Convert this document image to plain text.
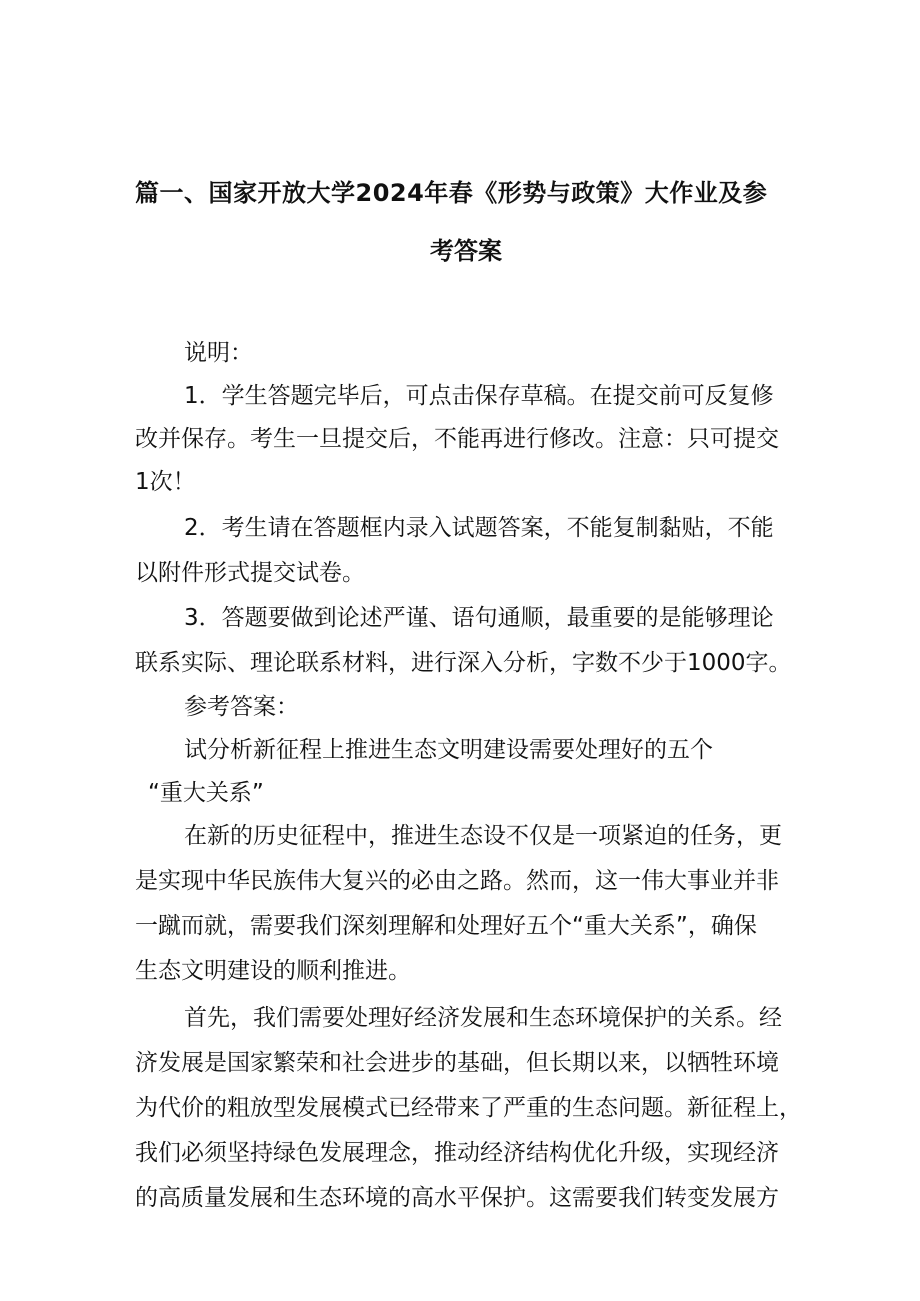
篇一、国家开放大学2024年春《形势与政策》大作业及参
考答案
说明：
1．学生答题完毕后，可点击保存草稿。在提交前可反复修
改并保存。考生一旦提交后，不能再进行修改。注意：只可提交
1次！
2．考生请在答题框内录入试题答案，不能复制黏贴，不能
以附件形式提交试卷。
3．答题要做到论述严谨、语句通顺，最重要的是能够理论
联系实际、理论联系材料，进行深入分析，字数不少于1000字。
参考答案：
试分析新征程上推进生态文明建设需要处理好的五个
“重大关系”
在新的历史征程中，推进生态设不仅是一项紧迫的任务，更
是实现中华民族伟大复兴的必由之路。然而，这一伟大事业并非
一蹴而就，需要我们深刻理解和处理好五个“重大关系”，确保
生态文明建设的顺利推进。
首先，我们需要处理好经济发展和生态环境保护的关系。经
济发展是国家繁荣和社会进步的基础，但长期以来，以牺牲环境
为代价的粗放型发展模式已经带来了严重的生态问题。新征程上，
我们必须坚持绿色发展理念，推动经济结构优化升级，实现经济
的高质量发展和生态环境的高水平保护。这需要我们转变发展方
